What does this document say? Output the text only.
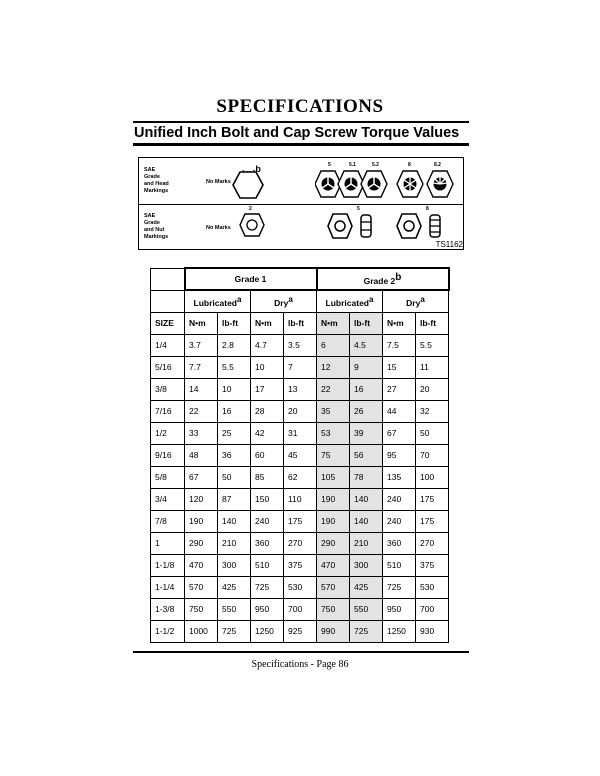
SPECIFICATIONS
Unified Inch Bolt and Cap Screw Torque Values
SAE
Grade
and Head
Markings
No Marks
$^b$	5	5.1	5.2	8	8.2
SAE
Grade
and Nut
Markings
No Marks
2	5	8
TS1162
	Grade 1				Grade 2$^b$
	Lubricated$^a$		Dry$^a$		Lubricated$^a$		Dry$^a$
SIZE	N•m	lb-ft	N•m	lb-ft	N•m	lb-ft	N•m	lb-ft
1/4	3.7	2.8	4.7	3.5	6	4.5	7.5	5.5
5/16	7.7	5.5	10	7	12	9	15	11
3/8	14	10	17	13	22	16	27	20
7/16	22	16	28	20	35	26	44	32
1/2	33	25	42	31	53	39	67	50
9/16	48	36	60	45	75	56	95	70
5/8	67	50	85	62	105	78	135	100
3/4	120	87	150	110	190	140	240	175
7/8	190	140	240	175	190	140	240	175
1	290	210	360	270	290	210	360	270
1-1/8	470	300	510	375	470	300	510	375
1-1/4	570	425	725	530	570	425	725	530
1-3/8	750	550	950	700	750	550	950	700
1-1/2	1000	725	1250	925	990	725	1250	930
Specifications - Page 86
